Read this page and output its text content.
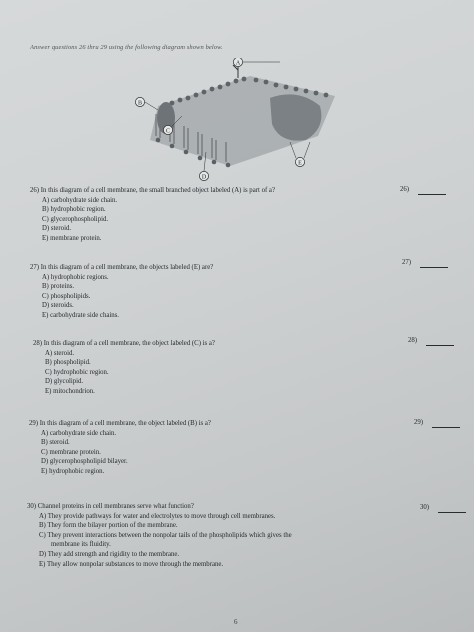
Answer questions 26 thru 29 using the following diagram shown below.
A
B
C
D
E
26) In this diagram of a cell membrane, the small branched object labeled (A) is part of a?
A) carbohydrate side chain.
B) hydrophobic region.
C) glycerophospholipid.
D) steroid.
E) membrane protein.
26)
27) In this diagram of a cell membrane, the objects labeled (E) are?
A) hydrophobic regions.
B) proteins.
C) phospholipids.
D) steroids.
E) carbohydrate side chains.
27)
28) In this diagram of a cell membrane, the object labeled (C) is a?
A) steroid.
B) phospholipid.
C) hydrophobic region.
D) glycolipid.
E) mitochondrion.
28)
29) In this diagram of a cell membrane, the object labeled (B) is a?
A) carbohydrate side chain.
B) steroid.
C) membrane protein.
D) glycerophospholipid bilayer.
E) hydrophobic region.
29)
30) Channel proteins in cell membranes serve what function?
A) They provide pathways for water and electrolytes to move through cell membranes.
B) They form the bilayer portion of the membrane.
C) They prevent interactions between the nonpolar tails of the phospholipids which gives the
membrane its fluidity.
D) They add strength and rigidity to the membrane.
E) They allow nonpolar substances to move through the membrane.
30)
6
